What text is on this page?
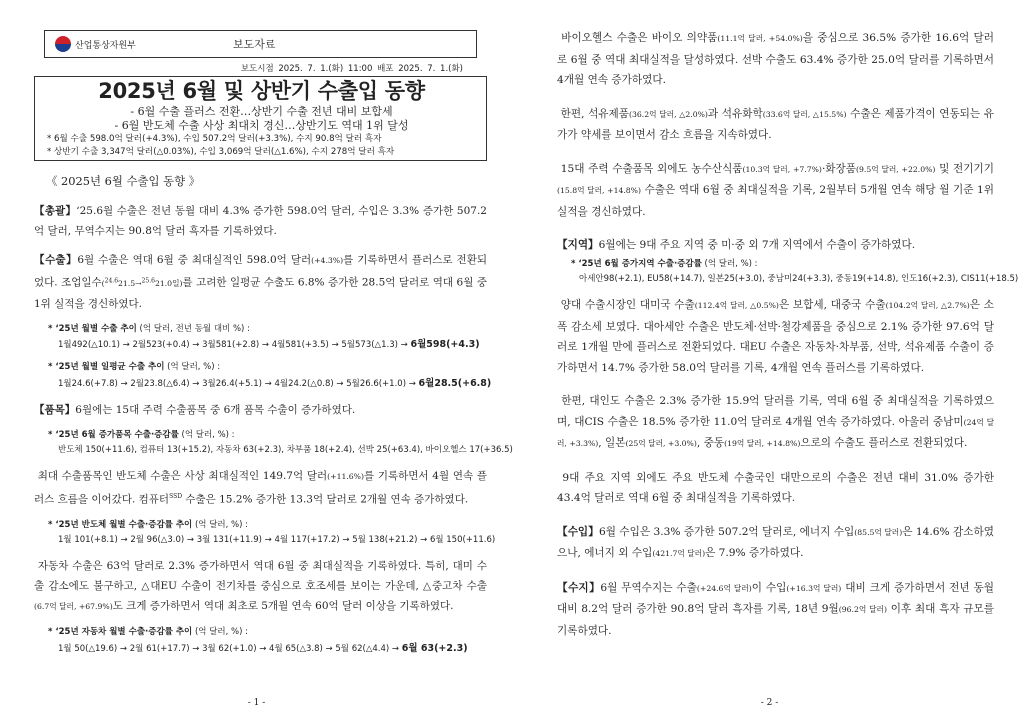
산업통상자원부	보도자료
보도시점 2025. 7. 1.(화) 11:00 배포 2025. 7. 1.(화)
2025년 6월 및 상반기 수출입 동향
- 6월 수출 플러스 전환…상반기 수출 전년 대비 보합세
- 6월 반도체 수출 사상 최대치 경신…상반기도 역대 1위 달성
* 6월 수출 598.0억 달러(+4.3%), 수입 507.2억 달러(+3.3%), 수지 90.8억 달러 흑자
* 상반기 수출 3,347억 달러(△0.03%), 수입 3,069억 달러(△1.6%), 수지 278억 달러 흑자
《 2025년 6월 수출입 동향 》

【총괄】‘25.6월 수출은 전년 동월 대비 4.3% 증가한 598.0억 달러, 수입은 3.3% 증가한 507.2억 달러, 무역수지는 90.8억 달러 흑자를 기록하였다.

【수출】6월 수출은 역대 6월 중 최대실적인 598.0억 달러(+4.3%)를 기록하면서 플러스로 전환되었다. 조업일수($^{24.6}$21.5→$^{25.6}$21.0일)를 고려한 일평균 수출도 6.8% 증가한 28.5억 달러로 역대 6월 중 1위 실적을 경신하였다.

* ‘25년 월별 수출 추이 (억 달러, 전년 동월 대비 %) :
1월492(△10.1) → 2월523(+0.4) → 3월581(+2.8) → 4월581(+3.5) → 5월573(△1.3) → 6월598(+4.3)
* ‘25년 월별 일평균 수출 추이 (억 달러, %) :
1월24.6(+7.8) → 2월23.8(△6.4) → 3월26.4(+5.1) → 4월24.2(△0.8) → 5월26.6(+1.0) → 6월28.5(+6.8)

【품목】6월에는 15대 주력 수출품목 중 6개 품목 수출이 증가하였다.

* ‘25년 6월 증가품목 수출·증감률 (억 달러, %) :
반도체 150(+11.6), 컴퓨터 13(+15.2), 자동차 63(+2.3), 차부품 18(+2.4), 선박 25(+63.4), 바이오헬스 17(+36.5)

최대 수출품목인 반도체 수출은 사상 최대실적인 149.7억 달러(+11.6%)를 기록하면서 4월 연속 플러스 흐름을 이어갔다. 컴퓨터$^{SSD}$ 수출은 15.2% 증가한 13.3억 달러로 2개월 연속 증가하였다.

* ‘25년 반도체 월별 수출·증감률 추이 (억 달러, %) :
1월 101(+8.1) → 2월 96(△3.0) → 3월 131(+11.9) → 4월 117(+17.2) → 5월 138(+21.2) → 6월 150(+11.6)

자동차 수출은 63억 달러로 2.3% 증가하면서 역대 6월 중 최대실적을 기록하였다. 특히, 대미 수출 감소에도 불구하고, △대EU 수출이 전기차를 중심으로 호조세를 보이는 가운데, △중고차 수출(6.7억 달러, +67.9%)도 크게 증가하면서 역대 최초로 5개월 연속 60억 달러 이상을 기록하였다.

* ‘25년 자동차 월별 수출·증감률 추이 (억 달러, %) :
1월 50(△19.6) → 2월 61(+17.7) → 3월 62(+1.0) → 4월 65(△3.8) → 5월 62(△4.4) → 6월 63(+2.3)
- 1 -

바이오헬스 수출은 바이오 의약품(11.1억 달러, +54.0%)을 중심으로 36.5% 증가한 16.6억 달러로 6월 중 역대 최대실적을 달성하였다. 선박 수출도 63.4% 증가한 25.0억 달러를 기록하면서 4개월 연속 증가하였다.

한편, 석유제품(36.2억 달러, △2.0%)과 석유화학(33.6억 달러, △15.5%) 수출은 제품가격이 연동되는 유가가 약세를 보이면서 감소 흐름을 지속하였다.

15대 주력 수출품목 외에도 농수산식품(10.3억 달러, +7.7%)·화장품(9.5억 달러, +22.0%) 및 전기기기(15.8억 달러, +14.8%) 수출은 역대 6월 중 최대실적을 기록, 2월부터 5개월 연속 해당 월 기준 1위 실적을 경신하였다.

【지역】6월에는 9대 주요 지역 중 미·중 외 7개 지역에서 수출이 증가하였다.

* ‘25년 6월 증가지역 수출·증감률 (억 달러, %) :
아세안98(+2.1), EU58(+14.7), 일본25(+3.0), 중남미24(+3.3), 중동19(+14.8), 인도16(+2.3), CIS11(+18.5)

양대 수출시장인 대미국 수출(112.4억 달러, △0.5%)은 보합세, 대중국 수출(104.2억 달러, △2.7%)은 소폭 감소세 보였다. 대아세안 수출은 반도체·선박·철강제품을 중심으로 2.1% 증가한 97.6억 달러로 1개월 만에 플러스로 전환되었다. 대EU 수출은 자동차·차부품, 선박, 석유제품 수출이 증가하면서 14.7% 증가한 58.0억 달러를 기록, 4개월 연속 플러스를 기록하였다.

한편, 대인도 수출은 2.3% 증가한 15.9억 달러를 기록, 역대 6월 중 최대실적을 기록하였으며, 대CIS 수출은 18.5% 증가한 11.0억 달러로 4개월 연속 증가하였다. 아울러 중남미(24억 달러, +3.3%), 일본(25억 달러, +3.0%), 중동(19억 달러, +14.8%)으로의 수출도 플러스로 전환되었다.

9대 주요 지역 외에도 주요 반도체 수출국인 대만으로의 수출은 전년 대비 31.0% 증가한 43.4억 달러로 역대 6월 중 최대실적을 기록하였다.

【수입】6월 수입은 3.3% 증가한 507.2억 달러로, 에너지 수입(85.5억 달러)은 14.6% 감소하였으나, 에너지 외 수입(421.7억 달러)은 7.9% 증가하였다.

【수지】6월 무역수지는 수출(+24.6억 달러)이 수입(+16.3억 달러) 대비 크게 증가하면서 전년 동월 대비 8.2억 달러 증가한 90.8억 달러 흑자를 기록, 18년 9월(96.2억 달러) 이후 최대 흑자 규모를 기록하였다.

- 2 -
